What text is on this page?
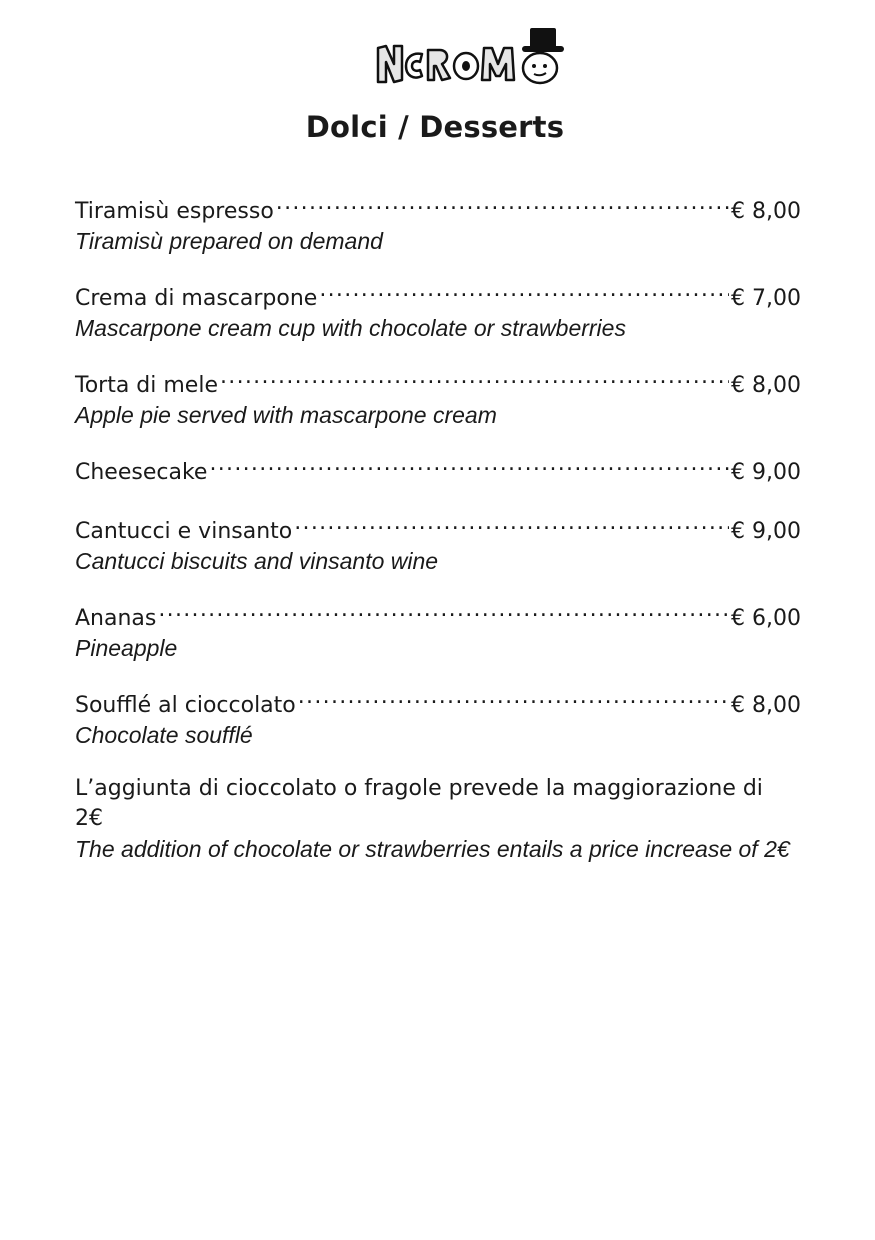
Dolci / Desserts
Tiramisù espresso .....	€ 8,00
Tiramisù prepared on demand
Crema di mascarpone .....	€ 7,00
Mascarpone cream cup with chocolate or strawberries
Torta di mele .....	€ 8,00
Apple pie served with mascarpone cream
Cheesecake .....	€ 9,00
Cantucci e vinsanto .....	€ 9,00
Cantucci biscuits and vinsanto wine
Ananas .....	€ 6,00
Pineapple
Soufflé al cioccolato .....	€ 8,00
Chocolate soufflé
L’aggiunta di cioccolato o fragole prevede la maggiorazione di 2€
The addition of chocolate or strawberries entails a price increase of 2€
